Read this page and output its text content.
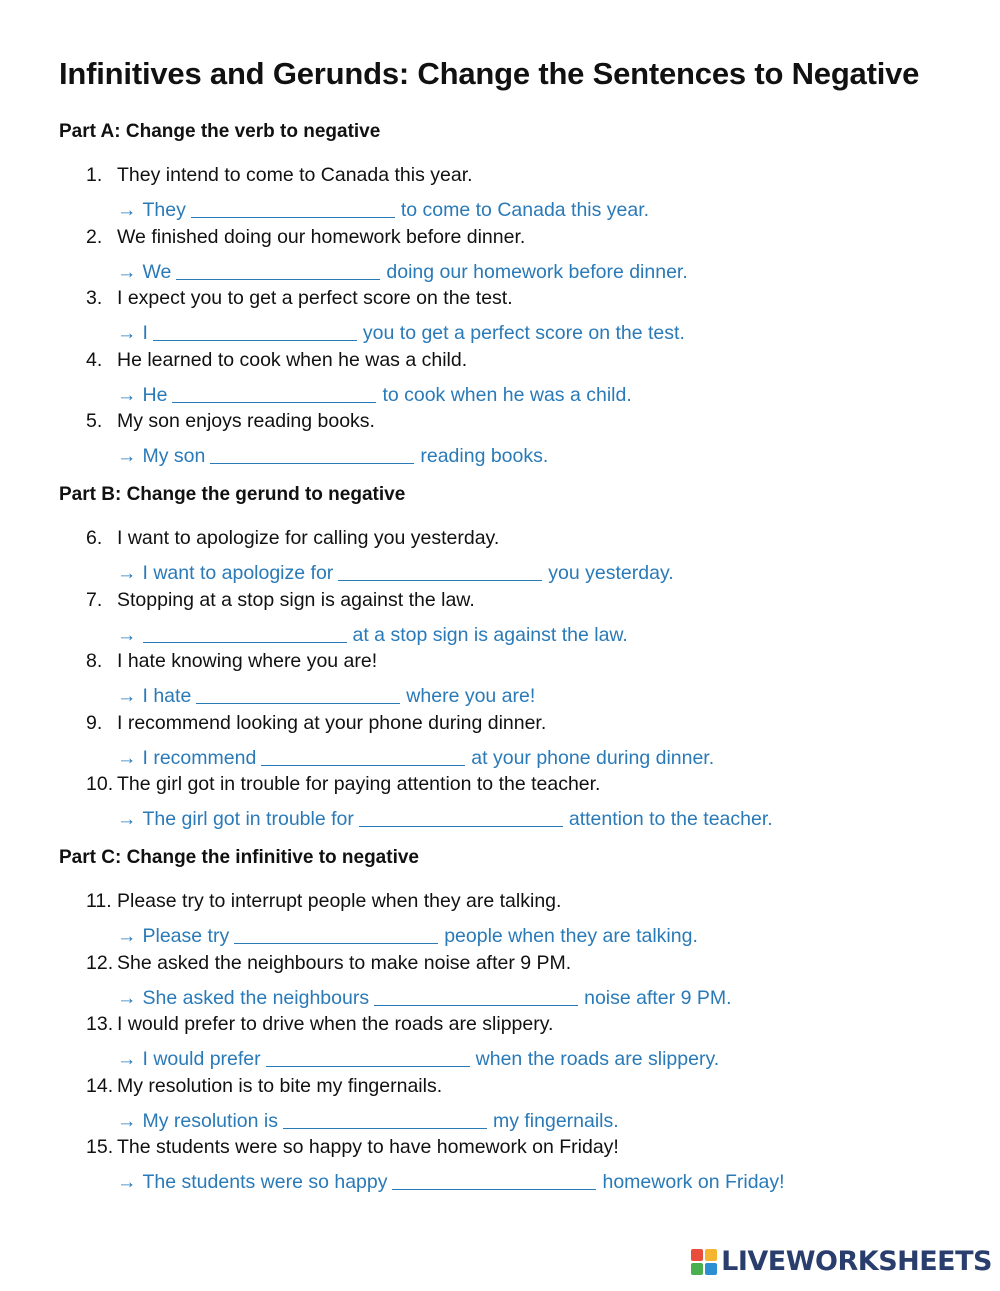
Infinitives and Gerunds: Change the Sentences to Negative
Part A: Change the verb to negative
1. They intend to come to Canada this year.
→ They	to come to Canada this year.
2. We finished doing our homework before dinner.
→ We	doing our homework before dinner.
3. I expect you to get a perfect score on the test.
→ I	you to get a perfect score on the test.
4. He learned to cook when he was a child.
→ He	to cook when he was a child.
5. My son enjoys reading books.
→ My son	reading books.
Part B: Change the gerund to negative
6. I want to apologize for calling you yesterday.
→ I want to apologize for	you yesterday.
7. Stopping at a stop sign is against the law.
→	at a stop sign is against the law.
8. I hate knowing where you are!
→ I hate	where you are!
9. I recommend looking at your phone during dinner.
→ I recommend	at your phone during dinner.
10. The girl got in trouble for paying attention to the teacher.
→ The girl got in trouble for	attention to the teacher.
Part C: Change the infinitive to negative
11. Please try to interrupt people when they are talking.
→ Please try	people when they are talking.
12. She asked the neighbours to make noise after 9 PM.
→ She asked the neighbours	noise after 9 PM.
13. I would prefer to drive when the roads are slippery.
→ I would prefer	when the roads are slippery.
14. My resolution is to bite my fingernails.
→ My resolution is	my fingernails.
15. The students were so happy to have homework on Friday!
→ The students were so happy	homework on Friday!
LIVEWORKSHEETS
